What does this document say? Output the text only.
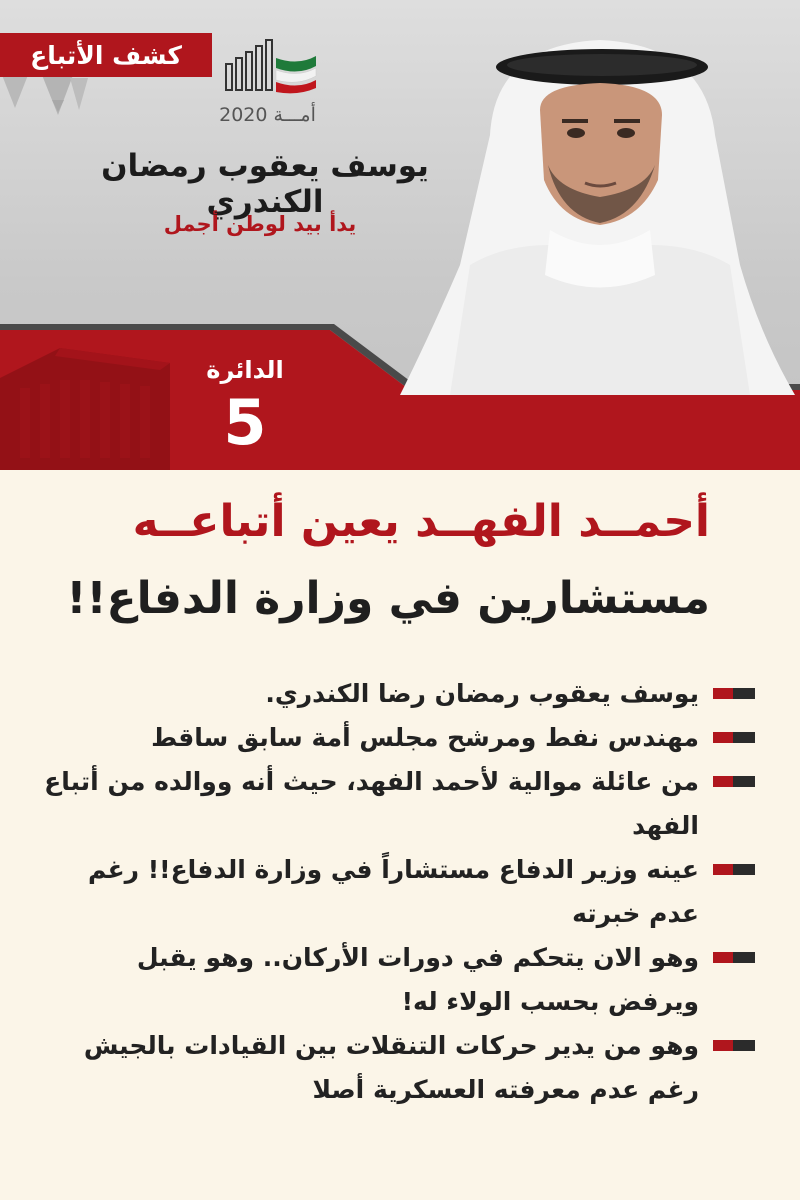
كشف الأتباع
أمـــة 2020
يوسف يعقوب رمضان الكندري
يدأ بيد لوطن أجمل
الدائرة
5
أحمــد الفهــد يعين أتباعــه
مستشارين في وزارة الدفاع!!
يوسف يعقوب رمضان رضا الكندري.
مهندس نفط ومرشح مجلس أمة سابق ساقط
من عائلة موالية لأحمد الفهد، حيث أنه ووالده من أتباع الفهد
عينه وزير الدفاع مستشاراً في وزارة الدفاع!! رغم عدم خبرته
وهو الان يتحكم في دورات الأركان.. وهو يقبل ويرفض بحسب الولاء له!
وهو من يدير حركات التنقلات بين القيادات بالجيش رغم عدم معرفته العسكرية أصلا
